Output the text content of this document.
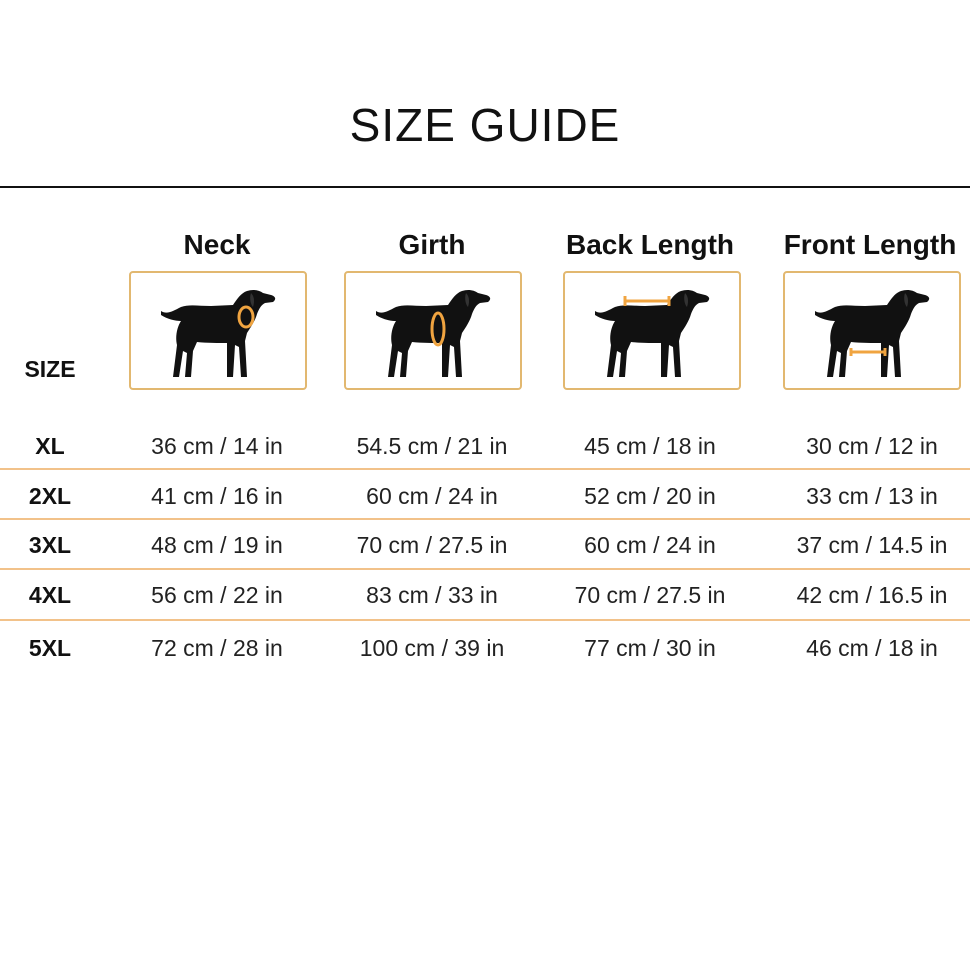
SIZE GUIDE
Neck	Girth	Back Length	Front Length
SIZE
XL	36 cm / 14 in	54.5 cm / 21 in	45 cm / 18 in	30 cm / 12 in
2XL	41 cm / 16 in	60 cm / 24 in	52 cm / 20 in	33 cm / 13 in
3XL	48 cm / 19 in	70 cm / 27.5 in	60 cm / 24 in	37 cm / 14.5 in
4XL	56 cm / 22 in	83 cm / 33 in	70 cm / 27.5 in	42 cm / 16.5 in
5XL	72 cm / 28 in	100 cm / 39 in	77 cm / 30 in	46 cm / 18 in
